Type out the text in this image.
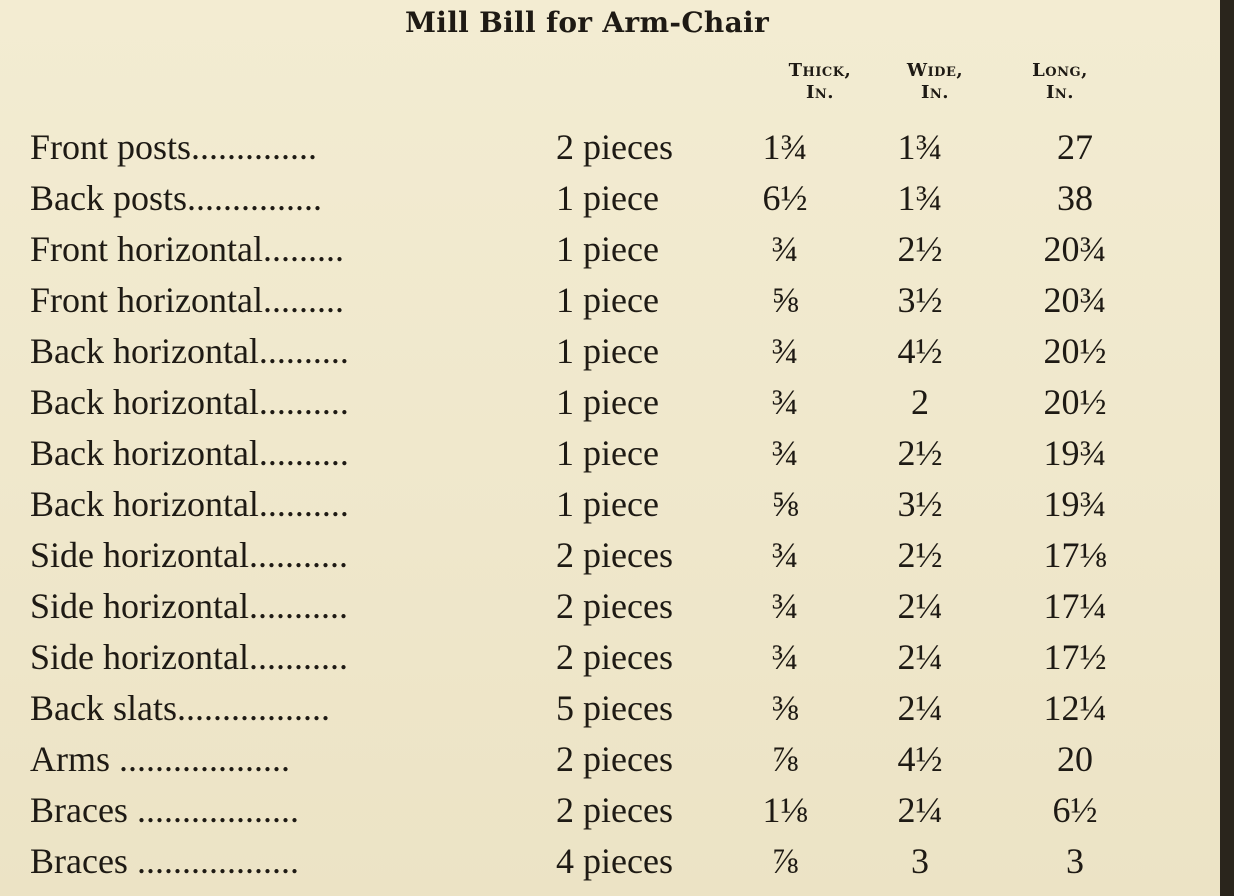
Mill Bill for Arm-Chair
Thick,
In.
Wide,
In.
Long,
In.
Front posts..............	2 pieces	1¾	1¾	27
Back posts...............	1 piece	6½	1¾	38
Front horizontal.........	1 piece	¾	2½	20¾
Front horizontal.........	1 piece	⅝	3½	20¾
Back horizontal..........	1 piece	¾	4½	20½
Back horizontal..........	1 piece	¾	2	20½
Back horizontal..........	1 piece	¾	2½	19¾
Back horizontal..........	1 piece	⅝	3½	19¾
Side horizontal...........	2 pieces	¾	2½	17⅛
Side horizontal...........	2 pieces	¾	2¼	17¼
Side horizontal...........	2 pieces	¾	2¼	17½
Back slats.................	5 pieces	⅜	2¼	12¼
Arms ...................	2 pieces	⅞	4½	20
Braces ..................	2 pieces	1⅛	2¼	6½
Braces ..................	4 pieces	⅞	3	3
